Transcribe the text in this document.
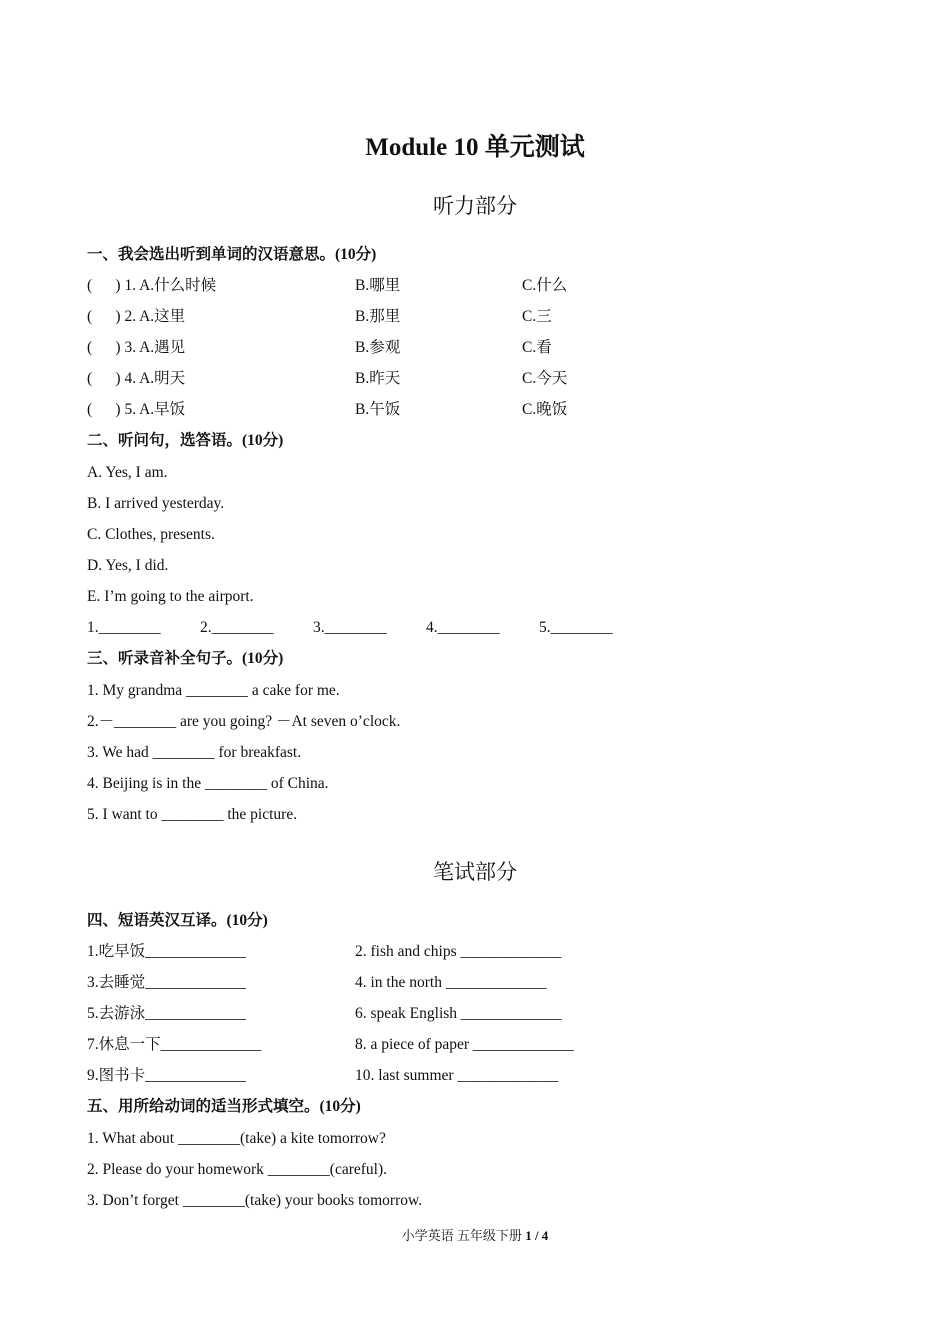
Module 10 单元测试
听力部分
一、我会选出听到单词的汉语意思。(10分)
(      ) 1. A.什么时候	B.哪里	C.什么
(      ) 2. A.这里	B.那里	C.三
(      ) 3. A.遇见	B.参观	C.看
(      ) 4. A.明天	B.昨天	C.今天
(      ) 5. A.早饭	B.午饭	C.晚饭
二、听问句，选答语。(10分)
A. Yes, I am.
B. I arrived yesterday.
C. Clothes, presents.
D. Yes, I did.
E. I’m going to the airport.
1.________	2.________	3.________	4.________	5.________
三、听录音补全句子。(10分)
1. My grandma ________ a cake for me.
2.－________ are you going? －At seven o’clock.
3. We had ________ for breakfast.
4. Beijing is in the ________ of China.
5. I want to ________ the picture.
笔试部分
四、短语英汉互译。(10分)
1.吃早饭_____________	2. fish and chips _____________
3.去睡觉_____________	4. in the north _____________
5.去游泳_____________	6. speak English _____________
7.休息一下_____________	8. a piece of paper _____________
9.图书卡_____________	10. last summer _____________
五、用所给动词的适当形式填空。(10分)
1. What about ________(take) a kite tomorrow?
2. Please do your homework ________(careful).
3. Don’t forget ________(take) your books tomorrow.
小学英语 五年级下册 1 / 4
